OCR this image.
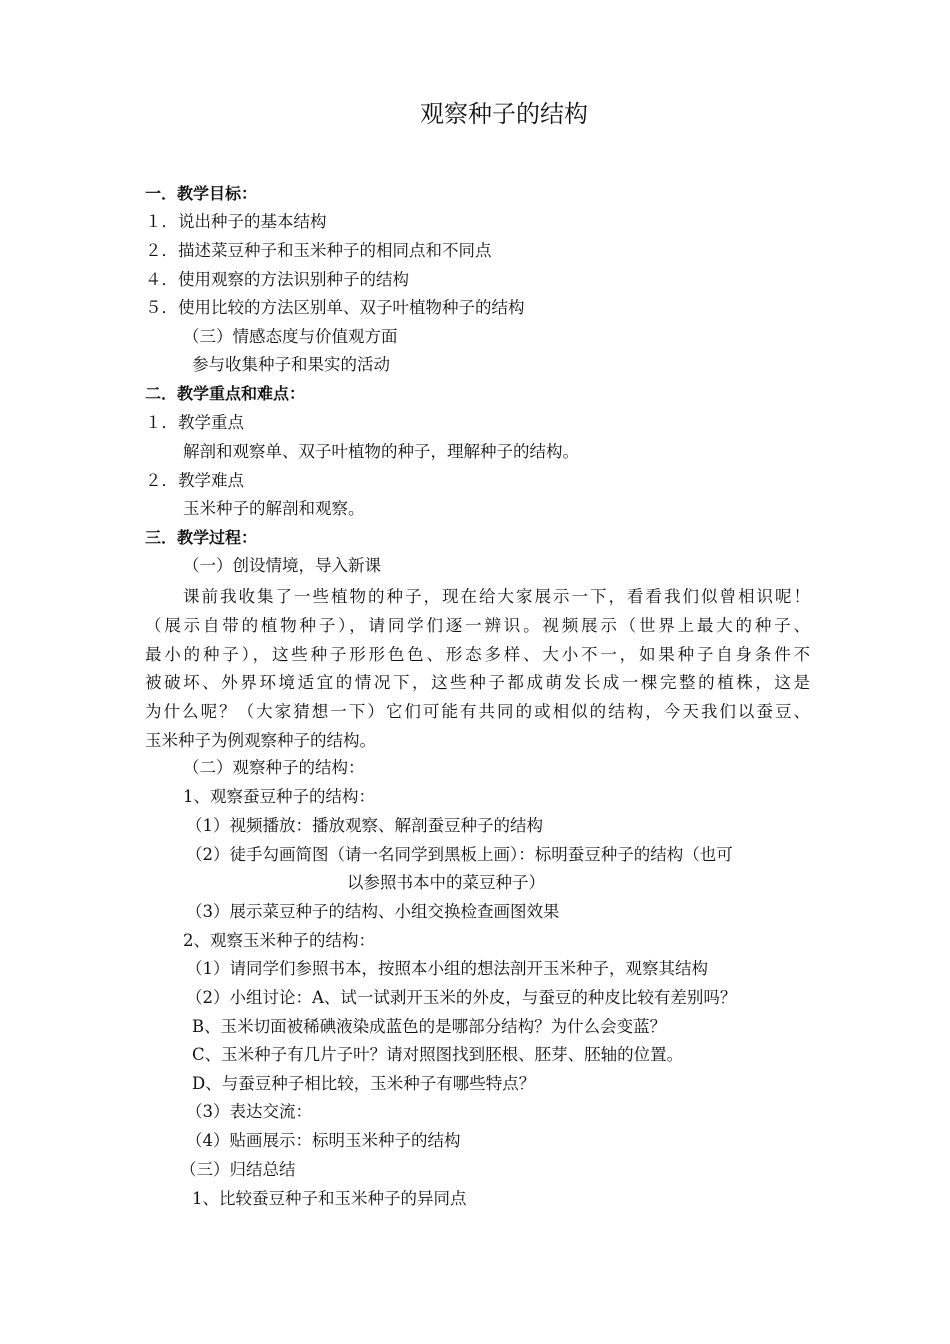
观察种子的结构
一．教学目标：
１．说出种子的基本结构
２．描述菜豆种子和玉米种子的相同点和不同点
４．使用观察的方法识别种子的结构
５．使用比较的方法区别单、双子叶植物种子的结构
（三）情感态度与价值观方面
参与收集种子和果实的活动
二．教学重点和难点：
１．教学重点
解剖和观察单、双子叶植物的种子，理解种子的结构。
２．教学难点
玉米种子的解剖和观察。
三．教学过程：
（一）创设情境，导入新课
课前我收集了一些植物的种子，现在给大家展示一下，看看我们似曾相识呢！
（展示自带的植物种子），请同学们逐一辨识。视频展示（世界上最大的种子、
最小的种子），这些种子形形色色、形态多样、大小不一，如果种子自身条件不
被破坏、外界环境适宜的情况下，这些种子都成萌发长成一棵完整的植株，这是
为什么呢？（大家猜想一下）它们可能有共同的或相似的结构，今天我们以蚕豆、
玉米种子为例观察种子的结构。
（二）观察种子的结构：
1、观察蚕豆种子的结构：
（1）视频播放：播放观察、解剖蚕豆种子的结构
（2）徒手勾画简图（请一名同学到黑板上画）：标明蚕豆种子的结构（也可
以参照书本中的菜豆种子）
（3）展示菜豆种子的结构、小组交换检查画图效果
2、观察玉米种子的结构：
（1）请同学们参照书本，按照本小组的想法剖开玉米种子，观察其结构
（2）小组讨论：A、试一试剥开玉米的外皮，与蚕豆的种皮比较有差别吗？
B、玉米切面被稀碘液染成蓝色的是哪部分结构？为什么会变蓝？
C、玉米种子有几片子叶？请对照图找到胚根、胚芽、胚轴的位置。
D、与蚕豆种子相比较，玉米种子有哪些特点？
（3）表达交流：
（4）贴画展示：标明玉米种子的结构
（三）归结总结
1、比较蚕豆种子和玉米种子的异同点
